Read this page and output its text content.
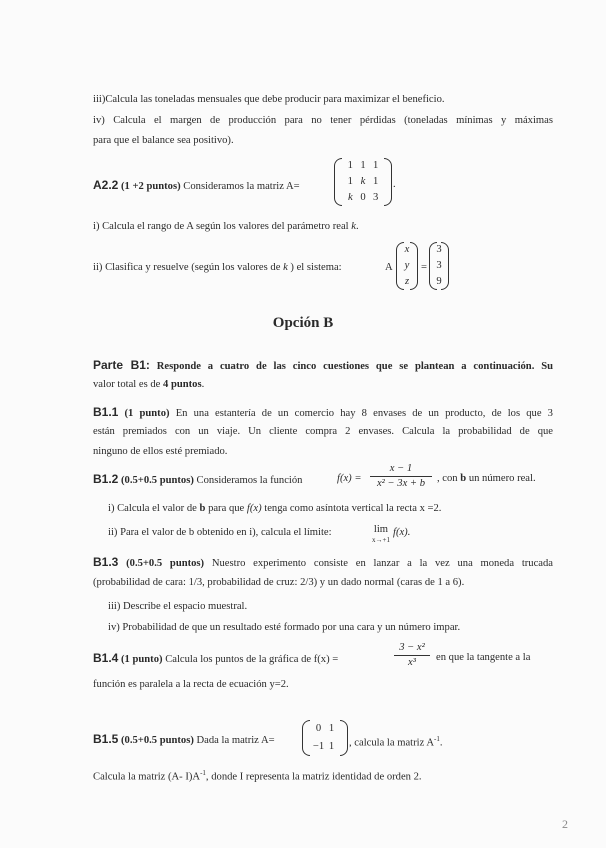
iii)Calcula las toneladas mensuales que debe producir para maximizar el beneficio.
iv) Calcula el margen de producción para no tener pérdidas (toneladas mínimas y máximas
para que el balance sea positivo).
A2.2 (1 +2 puntos) Consideramos la matriz A=
1 1 1
1 k 1
k 0 3
.
i) Calcula el rango de A según los valores del parámetro real k.
ii) Clasifica y resuelve (según los valores de k ) el sistema:	A
x
y
z
=
3
3
9
Opción B
Parte B1: Responde a cuatro de las cinco cuestiones que se plantean a continuación. Su
valor total es de 4 puntos.
B1.1 (1 punto) En una estantería de un comercio hay 8 envases de un producto, de los que 3
están premiados con un viaje. Un cliente compra 2 envases. Calcula la probabilidad de que
ninguno de ellos esté premiado.
B1.2 (0.5+0.5 puntos) Consideramos la función	f(x) =
x − 1
x² − 3x + b	, con b un número real.
i) Calcula el valor de b para que f(x) tenga como asíntota vertical la recta x =2.
ii) Para el valor de b obtenido en i), calcula el límite:	lim
x→+1
f(x).
B1.3 (0.5+0.5 puntos) Nuestro experimento consiste en lanzar a la vez una moneda trucada
(probabilidad de cara: 1/3, probabilidad de cruz: 2/3) y un dado normal (caras de 1 a 6).
iii) Describe el espacio muestral.
iv) Probabilidad de que un resultado esté formado por una cara y un número impar.
B1.4 (1 punto) Calcula los puntos de la gráfica de f(x) =
3 − x²
x³	en que la tangente a la
función es paralela a la recta de ecuación y=2.
B1.5 (0.5+0.5 puntos) Dada la matriz A=
0 1
−1 1	, calcula la matriz $A^{-1}$.
Calcula la matriz (A- $I)A^{-1}$, donde I representa la matriz identidad de orden 2.
2
